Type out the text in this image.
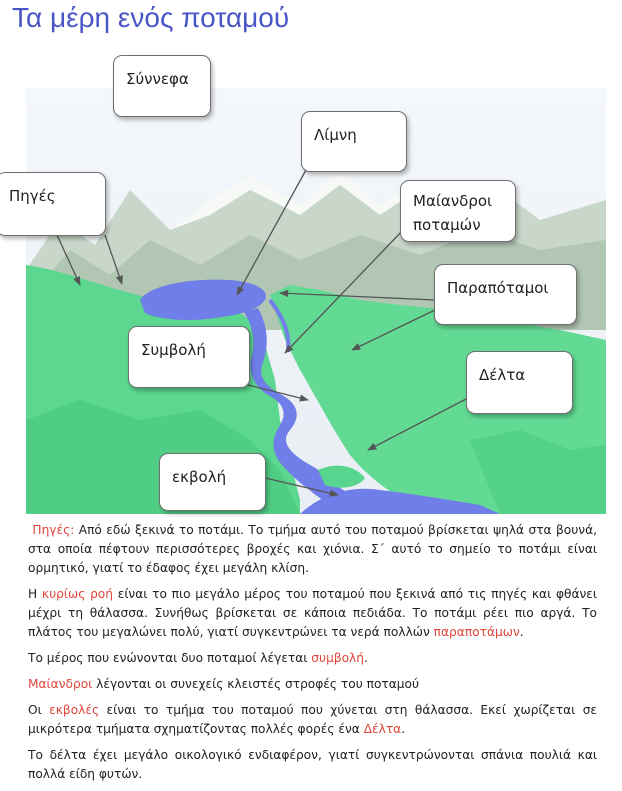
Τα μέρη ενός ποταμού
Σύννεφα
Λίμνη
Πηγές	Μαίανδροι
ποταμών
Παραπόταμοι
Συμβολή
Δέλτα
εκβολή

Πηγές: Από εδώ ξεκινά το ποτάμι. Το τμήμα αυτό του ποταμού βρίσκεται ψηλά στα βουνά, στα οποία πέφτουν περισσότερες βροχές και χιόνια. Σ΄ αυτό το σημείο το ποτάμι είναι ορμητικό, γιατί το έδαφος έχει μεγάλη κλίση.

Η κυρίως ροή είναι το πιο μεγάλο μέρος του ποταμού που ξεκινά από τις πηγές και φθάνει μέχρι τη θάλασσα. Συνήθως βρίσκεται σε κάποια πεδιάδα. Το ποτάμι ρέει πιο αργά. Το πλάτος του μεγαλώνει πολύ, γιατί συγκεντρώνει τα νερά πολλών παραποτάμων.

Το μέρος που ενώνονται δυο ποταμοί λέγεται συμβολή.

Μαίανδροι λέγονται οι συνεχείς κλειστές στροφές του ποταμού

Οι εκβολές είναι το τμήμα του ποταμού που χύνεται στη θάλασσα. Εκεί χωρίζεται σε μικρότερα τμήματα σχηματίζοντας πολλές φορές ένα Δέλτα.

Το δέλτα έχει μεγάλο οικολογικό ενδιαφέρον, γιατί συγκεντρώνονται σπάνια πουλιά και πολλά είδη φυτών.
